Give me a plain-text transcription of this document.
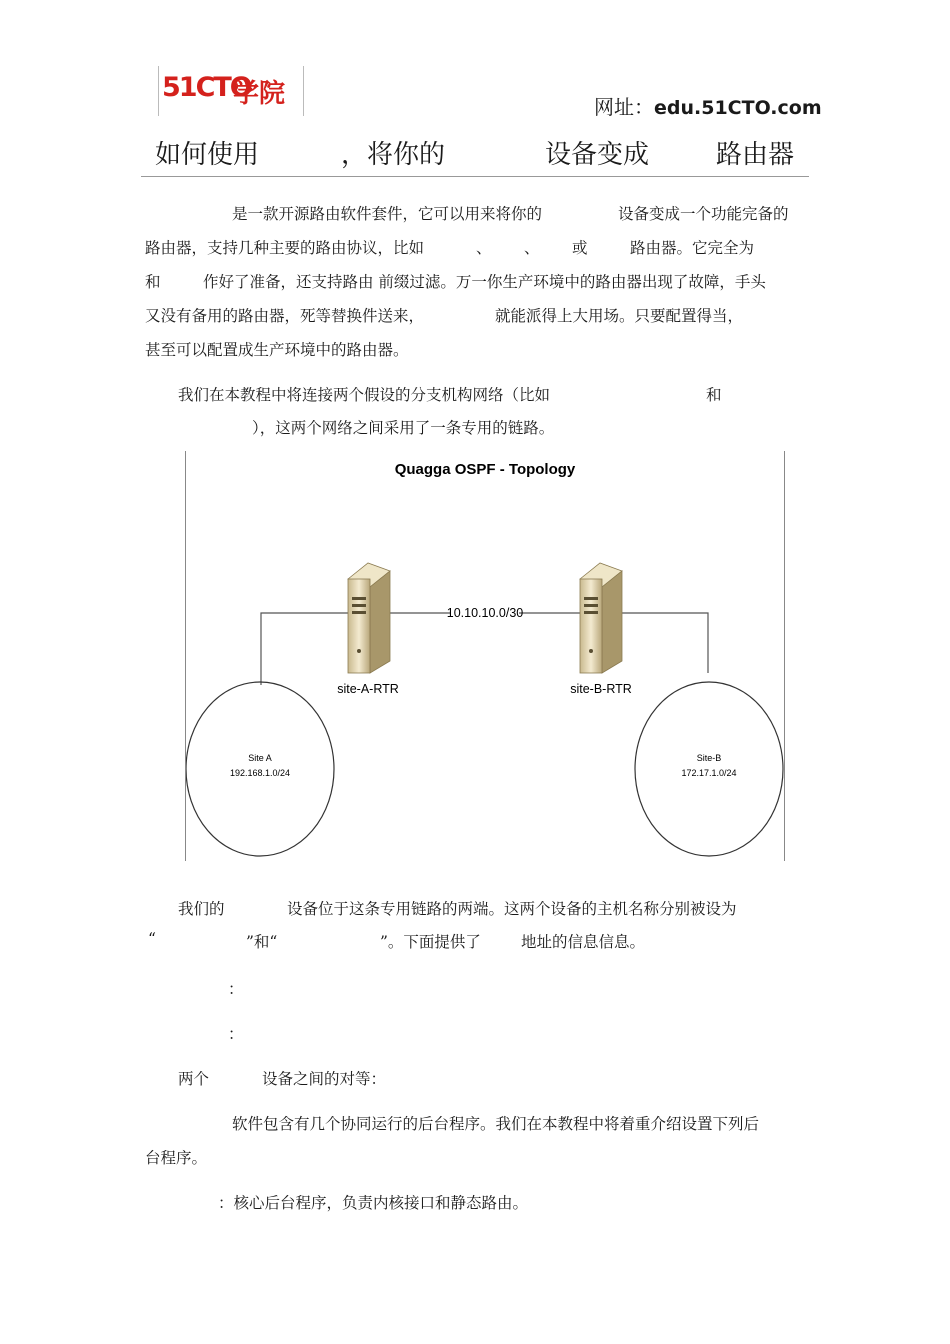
51CTO
学院	网址：edu.51CTO.com
如何使用	，将你的	设备变成	路由器
是一款开源路由软件套件，它可以用来将你的	设备变成一个功能完备的
路由器，支持几种主要的路由协议，比如	、 、 或	路由器。它完全为
和	作好了准备，还支持路由 前缀过滤。万一你生产环境中的路由器出现了故障，手头
又没有备用的路由器，死等替换件送来，	就能派得上大用场。只要配置得当，
甚至可以配置成生产环境中的路由器。
我们在本教程中将连接两个假设的分支机构网络（比如	和
），这两个网络之间采用了一条专用的链路。
Quagga OSPF - Topology
10.10.10.0/30
site-A-RTR	site-B-RTR
Site A
192.168.1.0/24
Site-B
172.17.1.0/24
我们的	设备位于这条专用链路的两端。这两个设备的主机名称分别被设为
“	”和“	”。下面提供了	地址的信息信息。
：
：
两个	设备之间的对等：
软件包含有几个协同运行的后台程序。我们在本教程中将着重介绍设置下列后
台程序。
：核心后台程序，负责内核接口和静态路由。
